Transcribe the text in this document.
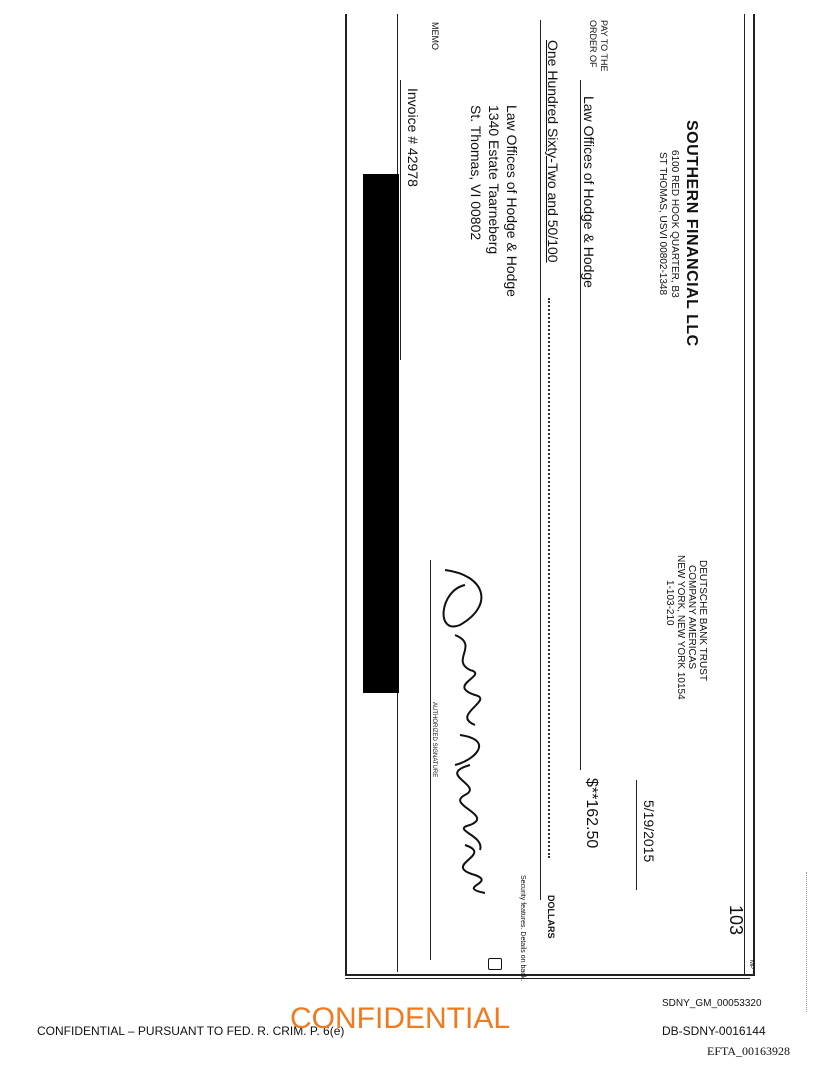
SOUTHERN FINANCIAL LLC
6100 RED HOOK QUARTER, B3
ST THOMAS, USVI 00802-1348
DEUTSCHE BANK TRUST
COMPANY AMERICAS
NEW YORK, NEW YORK 10154
1-103-210
103
MP
5/19/2015
PAY TO THE
ORDER OF
Law Offices of Hodge & Hodge
$**162.50
One Hundred Sixty-Two and 50/100
DOLLARS
Law Offices of Hodge & Hodge
1340 Estate Taarneberg
St. Thomas, VI 00802
MEMO
Invoice # 42978
AUTHORIZED SIGNATURE
Security features. Details on back.
CONFIDENTIAL – PURSUANT TO FED. R. CRIM. P. 6(e)
CONFIDENTIAL	SDNY_GM_00053320
DB-SDNY-0016144
EFTA_00163928
